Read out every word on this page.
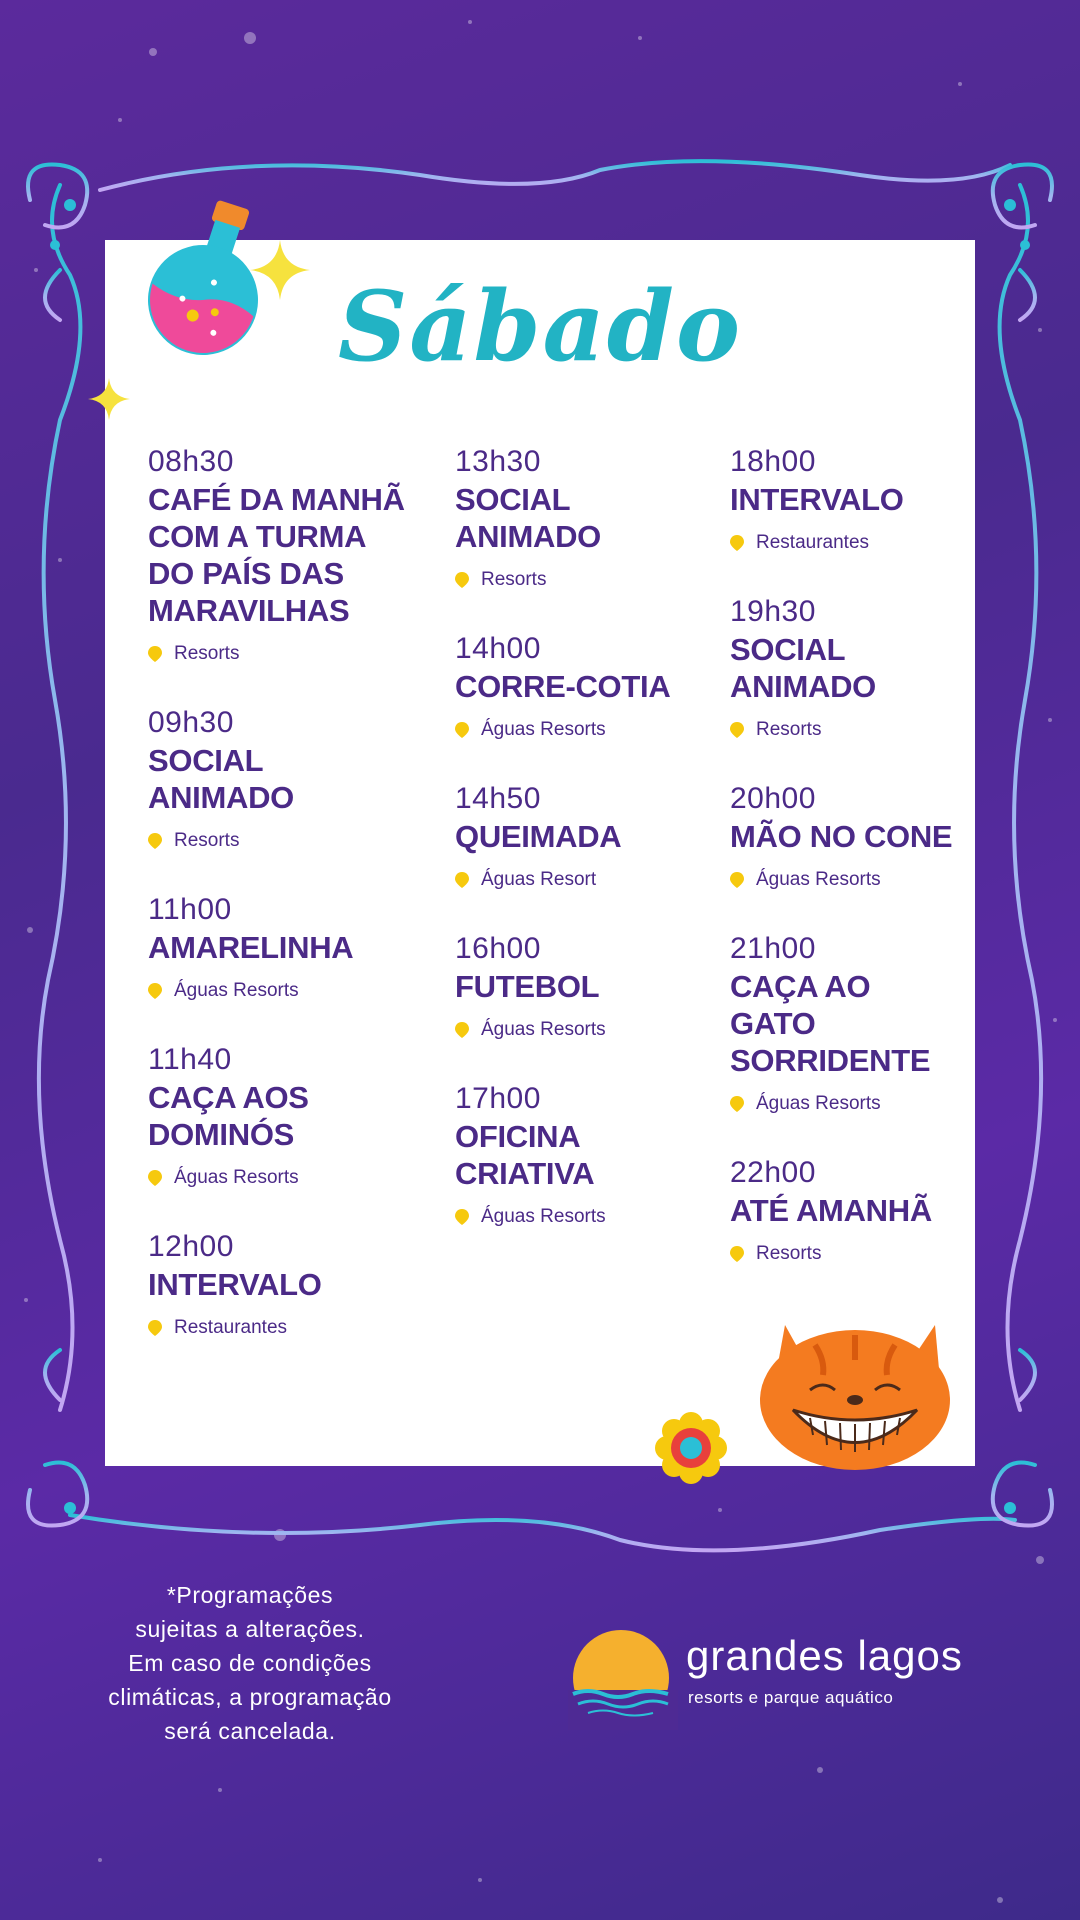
Sábado
08h30
CAFÉ DA MANHÃ
COM A TURMA
DO PAÍS DAS
MARAVILHAS
Resorts
09h30
SOCIAL
ANIMADO
Resorts
11h00
AMARELINHA
Águas Resorts
11h40
CAÇA AOS
DOMINÓS
Águas Resorts
12h00
INTERVALO
Restaurantes
13h30
SOCIAL
ANIMADO
Resorts
14h00
CORRE-COTIA
Águas Resorts
14h50
QUEIMADA
Águas Resort
16h00
FUTEBOL
Águas Resorts
17h00
OFICINA
CRIATIVA
Águas Resorts
18h00
INTERVALO
Restaurantes
19h30
SOCIAL
ANIMADO
Resorts
20h00
MÃO NO CONE
Águas Resorts
21h00
CAÇA AO GATO
SORRIDENTE
Águas Resorts
22h00
ATÉ AMANHÃ
Resorts
*Programações
sujeitas a alterações.
Em caso de condições
climáticas, a programação
será cancelada.
grandes lagos
resorts e parque aquático
